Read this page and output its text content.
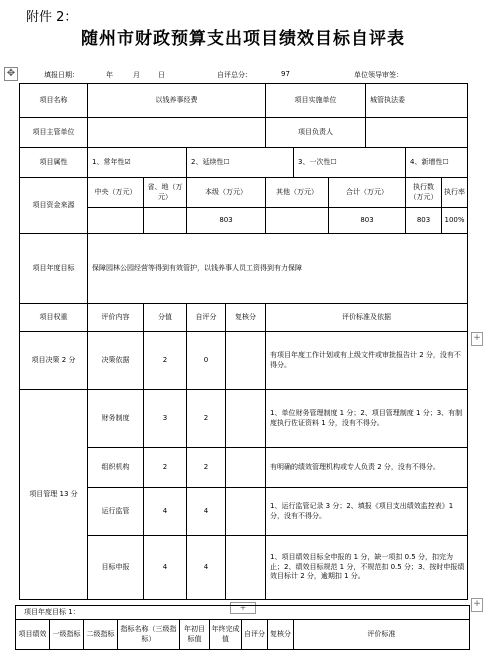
附件 2：
随州市财政预算支出项目绩效目标自评表
✥	填报日期：	年	月	日	自评总分：	97	单位领导审签：
项目名称	以钱养事经费				项目实施单位			城管执法委		
项目主管单位					项目负责人					
项目属性	1、常年性☑		2、延续性☐			3、一次性☐			4、新增性☐	
项目资金来源	中央（万元）	省、地（万元）	本级（万元）		其他（万元）		合计（万元）		执行数（万元）	执行率
			803				803		803	100%
项目年度目标	保障园林公园经营等得到有效管护，以钱养事人员工资得到有力保障									
项目权重	评价内容	分值	自评分	复核分	评价标准及依据					
项目决策 2 分	决策依据	2	0		有项目年度工作计划或有上级文件或审批报告计 2 分，没有不得分。					
项目管理 13 分	财务制度	3	2		1、单位财务管理制度 1 分；2、项目管理制度 1 分；3、有制度执行佐证资料 1 分，没有不得分。					
	组织机构	2	2		有明确的绩效管理机构或专人负责 2 分，没有不得分。					
	运行监管	4	4		1、运行监管记录 3 分；2、填报《项目支出绩效监控表》1 分，没有不得分。					
	目标申报	4	4		1、项目绩效目标全申报的 1 分，缺一项扣 0.5 分，扣完为止；2、绩效目标规范 1 分，不规范扣 0.5 分；3、按时申报绩效目标计 2 分，逾期扣 1 分。					
+
+	+
项目年度目标 1：
项目绩效	一级指标	二级指标	指标名称（三级指标）	年初目标值	年终完成值	自评分	复核分	评价标准
